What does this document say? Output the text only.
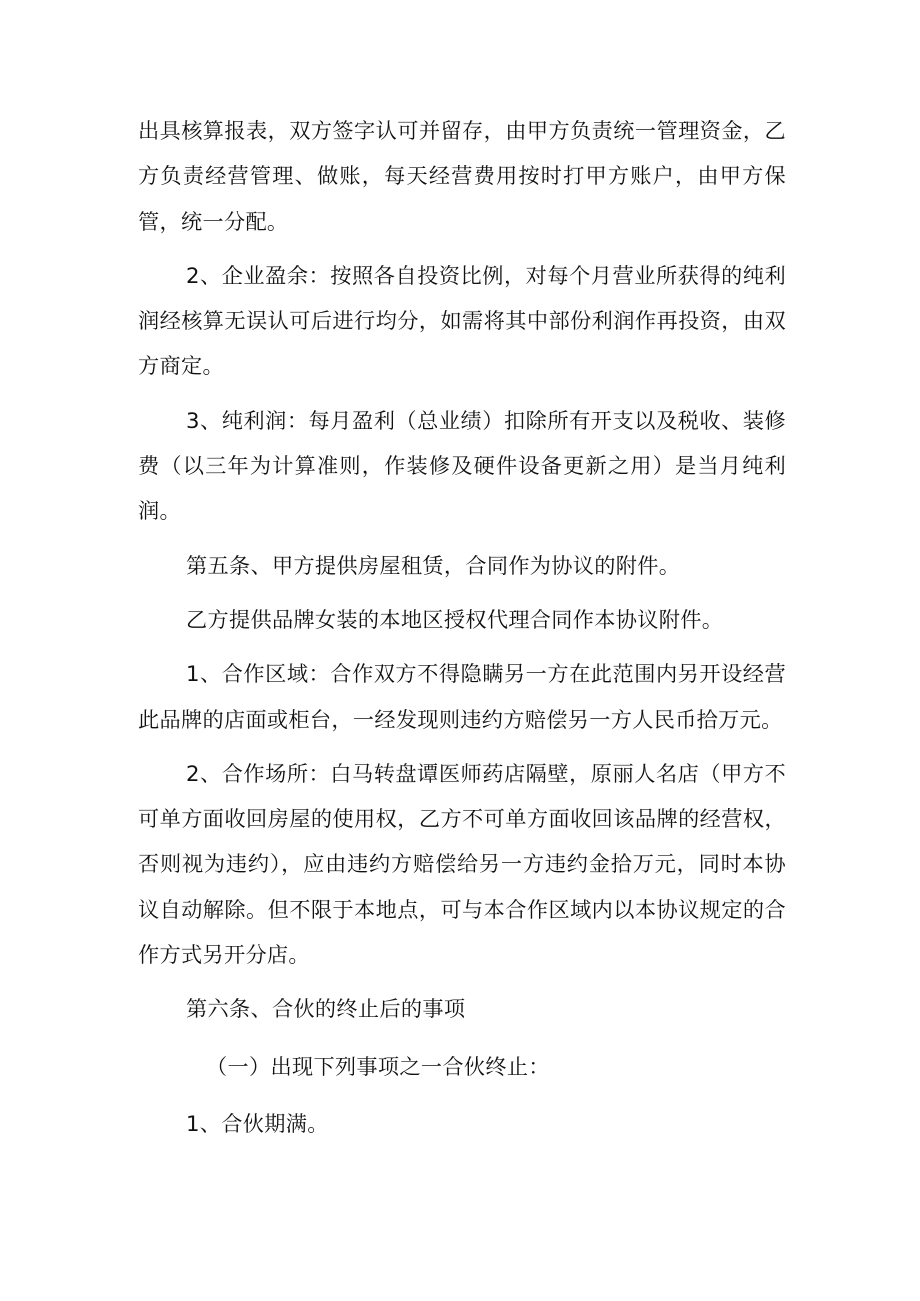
出具核算报表，双方签字认可并留存，由甲方负责统一管理资金，乙方负责经营管理、做账，每天经营费用按时打甲方账户，由甲方保管，统一分配。

2、企业盈余：按照各自投资比例，对每个月营业所获得的纯利润经核算无误认可后进行均分，如需将其中部份利润作再投资，由双方商定。

3、纯利润：每月盈利（总业绩）扣除所有开支以及税收、装修费（以三年为计算准则，作装修及硬件设备更新之用）是当月纯利润。

第五条、甲方提供房屋租赁，合同作为协议的附件。

乙方提供品牌女装的本地区授权代理合同作本协议附件。

1、合作区域：合作双方不得隐瞒另一方在此范围内另开设经营此品牌的店面或柜台，一经发现则违约方赔偿另一方人民币拾万元。

2、合作场所：白马转盘谭医师药店隔壁，原丽人名店（甲方不可单方面收回房屋的使用权，乙方不可单方面收回该品牌的经营权，否则视为违约），应由违约方赔偿给另一方违约金拾万元，同时本协议自动解除。但不限于本地点，可与本合作区域内以本协议规定的合作方式另开分店。

第六条、合伙的终止后的事项

（一）出现下列事项之一合伙终止：

1、合伙期满。
